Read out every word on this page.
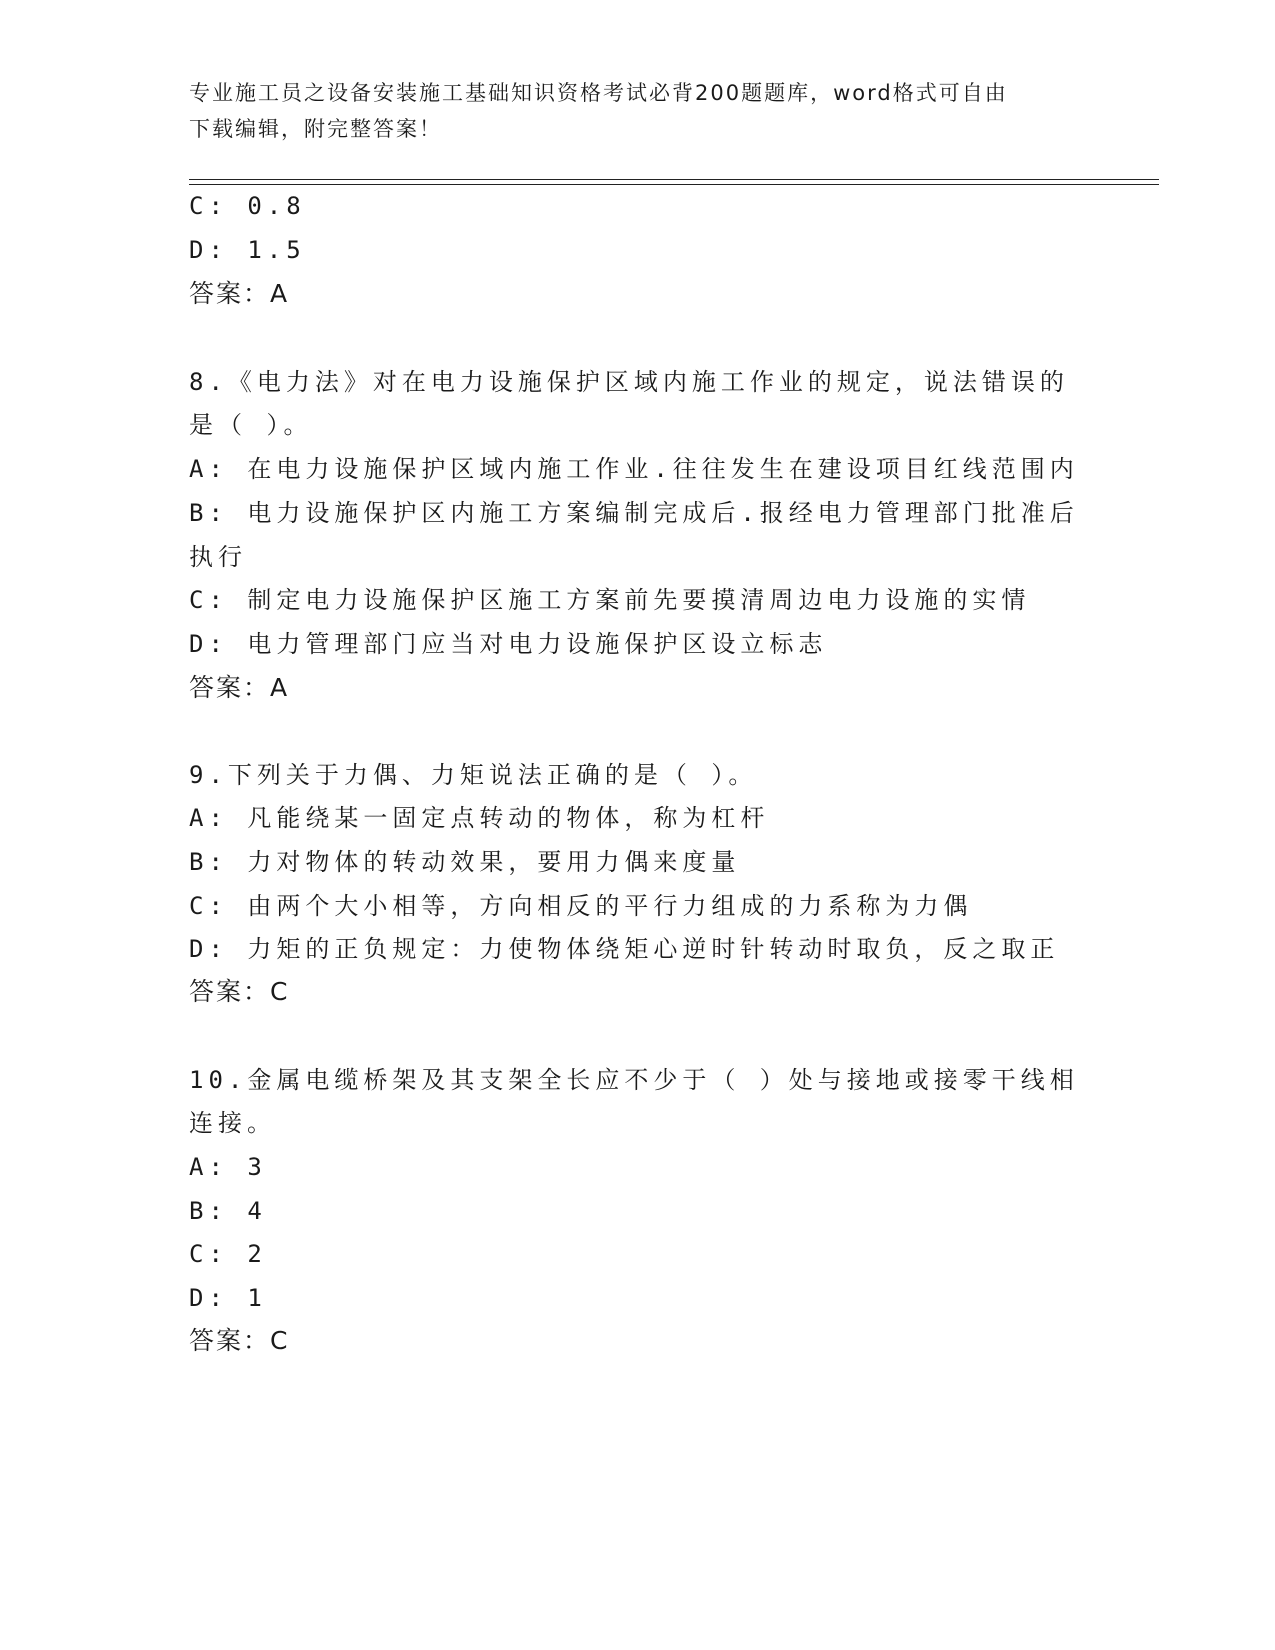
专业施工员之设备安装施工基础知识资格考试必背200题题库，word格式可自由
下载编辑，附完整答案！
C: 0.8
D: 1.5
答案：A
8.《电力法》对在电力设施保护区域内施工作业的规定，说法错误的
是（ ）。
A: 在电力设施保护区域内施工作业.往往发生在建设项目红线范围内
B: 电力设施保护区内施工方案编制完成后.报经电力管理部门批准后
执行
C: 制定电力设施保护区施工方案前先要摸清周边电力设施的实情
D: 电力管理部门应当对电力设施保护区设立标志
答案：A
9.下列关于力偶、力矩说法正确的是（ ）。
A: 凡能绕某一固定点转动的物体，称为杠杆
B: 力对物体的转动效果，要用力偶来度量
C: 由两个大小相等，方向相反的平行力组成的力系称为力偶
D: 力矩的正负规定：力使物体绕矩心逆时针转动时取负，反之取正
答案：C
10.金属电缆桥架及其支架全长应不少于（ ）处与接地或接零干线相
连接。
A: 3
B: 4
C: 2
D: 1
答案：C
